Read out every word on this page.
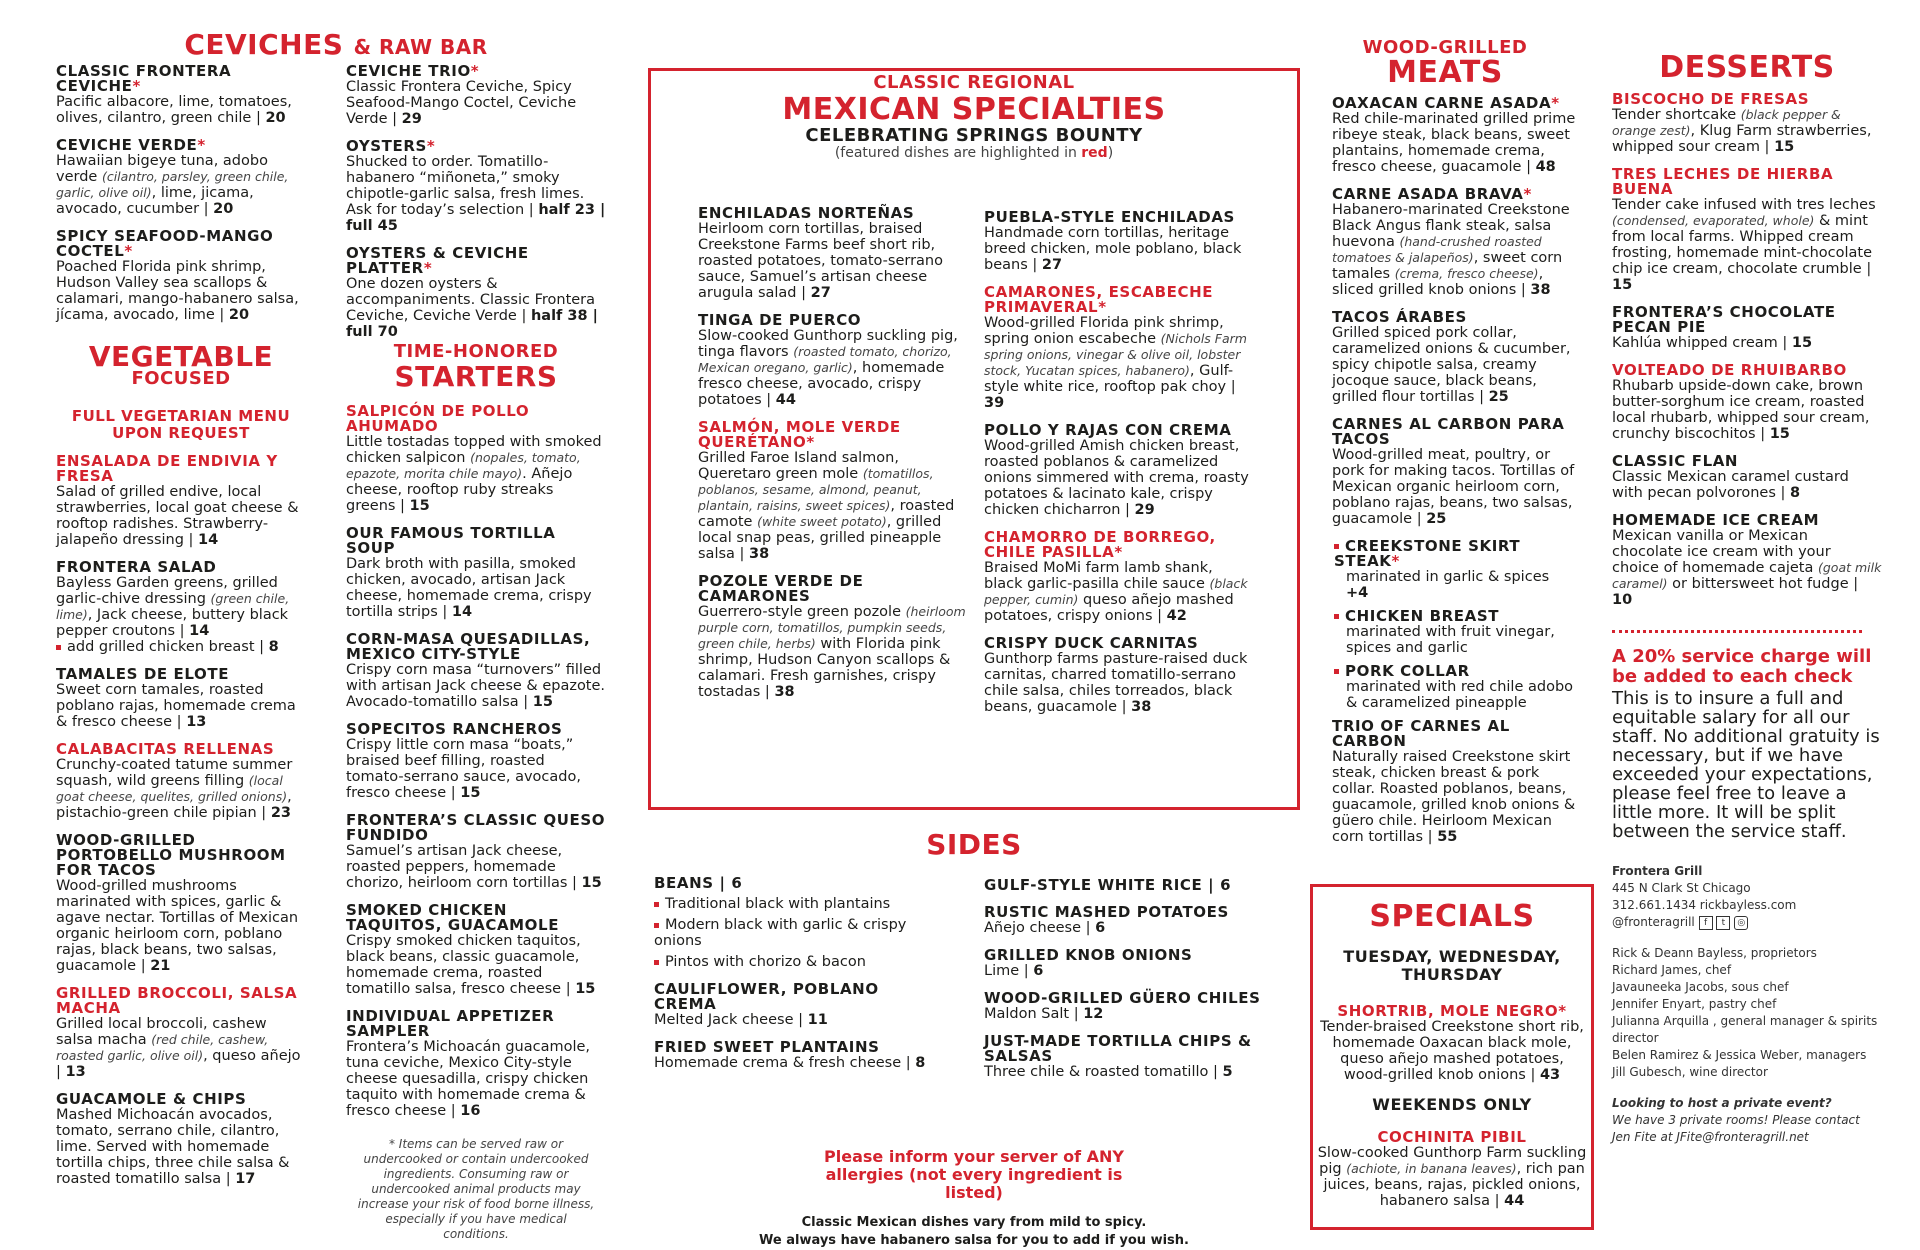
CEVICHES & RAW BAR
CLASSIC FRONTERA CEVICHE*
Pacific albacore, lime, tomatoes, olives, cilantro, green chile | 20
CEVICHE VERDE*
Hawaiian bigeye tuna, adobo verde (cilantro, parsley, green chile, garlic, olive oil), lime, jicama, avocado, cucumber | 20
SPICY SEAFOOD-MANGO COCTEL*
Poached Florida pink shrimp, Hudson Valley sea scallops & calamari, mango-habanero salsa, jícama, avocado, lime | 20
CEVICHE TRIO*
Classic Frontera Ceviche, Spicy Seafood-Mango Coctel, Ceviche Verde | 29
OYSTERS*
Shucked to order. Tomatillo-habanero “miñoneta,” smoky chipotle-garlic salsa, fresh limes. Ask for today’s selection | half 23 | full 45
OYSTERS & CEVICHE PLATTER*
One dozen oysters & accompaniments. Classic Frontera Ceviche, Ceviche Verde | half 38 | full 70
VEGETABLE
FOCUSED
FULL VEGETARIAN MENU UPON REQUEST
ENSALADA DE ENDIVIA Y FRESA
Salad of grilled endive, local strawberries, local goat cheese & rooftop radishes. Strawberry-jalapeño dressing | 14
FRONTERA SALAD
Bayless Garden greens, grilled garlic-chive dressing (green chile, lime), Jack cheese, buttery black pepper croutons | 14
add grilled chicken breast | 8
TAMALES DE ELOTE
Sweet corn tamales, roasted poblano rajas, homemade crema & fresco cheese | 13
CALABACITAS RELLENAS
Crunchy-coated tatume summer squash, wild greens filling (local goat cheese, quelites, grilled onions), pistachio-green chile pipian | 23
WOOD-GRILLED PORTOBELLO MUSHROOM FOR TACOS
Wood-grilled mushrooms marinated with spices, garlic & agave nectar. Tortillas of Mexican organic heirloom corn, poblano rajas, black beans, two salsas, guacamole | 21
GRILLED BROCCOLI, SALSA MACHA
Grilled local broccoli, cashew salsa macha (red chile, cashew, roasted garlic, olive oil), queso añejo | 13
GUACAMOLE & CHIPS
Mashed Michoacán avocados, tomato, serrano chile, cilantro, lime. Served with homemade tortilla chips, three chile salsa & roasted tomatillo salsa | 17
TIME-HONORED
STARTERS
SALPICÓN DE POLLO AHUMADO
Little tostadas topped with smoked chicken salpicon (nopales, tomato, epazote, morita chile mayo). Añejo cheese, rooftop ruby streaks greens | 15
OUR FAMOUS TORTILLA SOUP
Dark broth with pasilla, smoked chicken, avocado, artisan Jack cheese, homemade crema, crispy tortilla strips | 14
CORN-MASA QUESADILLAS, MEXICO CITY-STYLE
Crispy corn masa “turnovers” filled with artisan Jack cheese & epazote. Avocado-tomatillo salsa | 15
SOPECITOS RANCHEROS
Crispy little corn masa “boats,” braised beef filling, roasted tomato-serrano sauce, avocado, fresco cheese | 15
FRONTERA’S CLASSIC QUESO FUNDIDO
Samuel’s artisan Jack cheese, roasted peppers, homemade chorizo, heirloom corn tortillas | 15
SMOKED CHICKEN TAQUITOS, GUACAMOLE
Crispy smoked chicken taquitos, black beans, classic guacamole, homemade crema, roasted tomatillo salsa, fresco cheese | 15
INDIVIDUAL APPETIZER SAMPLER
Frontera’s Michoacán guacamole, tuna ceviche, Mexico City-style cheese quesadilla, crispy chicken taquito with homemade crema & fresco cheese | 16
* Items can be served raw or undercooked or contain undercooked ingredients. Consuming raw or undercooked animal products may increase your risk of food borne illness, especially if you have medical conditions.
CLASSIC REGIONAL
MEXICAN SPECIALTIES
CELEBRATING SPRINGS BOUNTY
(featured dishes are highlighted in red)
ENCHILADAS NORTEÑAS
Heirloom corn tortillas, braised Creekstone Farms beef short rib, roasted potatoes, tomato-serrano sauce, Samuel’s artisan cheese arugula salad | 27
TINGA DE PUERCO
Slow-cooked Gunthorp suckling pig, tinga flavors (roasted tomato, chorizo, Mexican oregano, garlic), homemade fresco cheese, avocado, crispy potatoes | 44
SALMÓN, MOLE VERDE QUERÉTANO*
Grilled Faroe Island salmon, Queretaro green mole (tomatillos, poblanos, sesame, almond, peanut, plantain, raisins, sweet spices), roasted camote (white sweet potato), grilled local snap peas, grilled pineapple salsa | 38
POZOLE VERDE DE CAMARONES
Guerrero-style green pozole (heirloom purple corn, tomatillos, pumpkin seeds, green chile, herbs) with Florida pink shrimp, Hudson Canyon scallops & calamari. Fresh garnishes, crispy tostadas | 38
PUEBLA-STYLE ENCHILADAS
Handmade corn tortillas, heritage breed chicken, mole poblano, black beans | 27
CAMARONES, ESCABECHE PRIMAVERAL*
Wood-grilled Florida pink shrimp, spring onion escabeche (Nichols Farm spring onions, vinegar & olive oil, lobster stock, Yucatan spices, habanero), Gulf-style white rice, rooftop pak choy | 39
POLLO Y RAJAS CON CREMA
Wood-grilled Amish chicken breast, roasted poblanos & caramelized onions simmered with crema, roasty potatoes & lacinato kale, crispy chicken chicharron | 29
CHAMORRO DE BORREGO, CHILE PASILLA*
Braised MoMi farm lamb shank, black garlic-pasilla chile sauce (black pepper, cumin) queso añejo mashed potatoes, crispy onions | 42
CRISPY DUCK CARNITAS
Gunthorp farms pasture-raised duck carnitas, charred tomatillo-serrano chile salsa, chiles torreados, black beans, guacamole | 38
SIDES
BEANS | 6
Traditional black with plantains
Modern black with garlic & crispy onions
Pintos with chorizo & bacon
CAULIFLOWER, POBLANO CREMA
Melted Jack cheese | 11
FRIED SWEET PLANTAINS
Homemade crema & fresh cheese | 8
GULF-STYLE WHITE RICE | 6
RUSTIC MASHED POTATOES
Añejo cheese | 6
GRILLED KNOB ONIONS
Lime | 6
WOOD-GRILLED GÜERO CHILES
Maldon Salt | 12
JUST-MADE TORTILLA CHIPS & SALSAS
Three chile & roasted tomatillo | 5
Please inform your server of ANY allergies (not every ingredient is listed)
Classic Mexican dishes vary from mild to spicy.
We always have habanero salsa for you to add if you wish.
WOOD-GRILLED
MEATS
OAXACAN CARNE ASADA*
Red chile-marinated grilled prime ribeye steak, black beans, sweet plantains, homemade crema, fresco cheese, guacamole | 48
CARNE ASADA BRAVA*
Habanero-marinated Creekstone Black Angus flank steak, salsa huevona (hand-crushed roasted tomatoes & jalapeños), sweet corn tamales (crema, fresco cheese), sliced grilled knob onions | 38
TACOS ÁRABES
Grilled spiced pork collar, caramelized onions & cucumber, spicy chipotle salsa, creamy jocoque sauce, black beans, grilled flour tortillas | 25
CARNES AL CARBON PARA TACOS
Wood-grilled meat, poultry, or pork for making tacos. Tortillas of Mexican organic heirloom corn, poblano rajas, beans, two salsas, guacamole | 25
CREEKSTONE SKIRT STEAK*
marinated in garlic & spices +4
CHICKEN BREAST
marinated with fruit vinegar, spices and garlic
PORK COLLAR
marinated with red chile adobo & caramelized pineapple
TRIO OF CARNES AL CARBON
Naturally raised Creekstone skirt steak, chicken breast & pork collar. Roasted poblanos, beans, guacamole, grilled knob onions & güero chile. Heirloom Mexican corn tortillas | 55
SPECIALS
TUESDAY, WEDNESDAY, THURSDAY
SHORTRIB, MOLE NEGRO*
Tender-braised Creekstone short rib, homemade Oaxacan black mole, queso añejo mashed potatoes, wood-grilled knob onions | 43
WEEKENDS ONLY
COCHINITA PIBIL
Slow-cooked Gunthorp Farm suckling pig (achiote, in banana leaves), rich pan juices, beans, rajas, pickled onions, habanero salsa | 44
DESSERTS
BISCOCHO DE FRESAS
Tender shortcake (black pepper & orange zest), Klug Farm strawberries, whipped sour cream | 15
TRES LECHES DE HIERBA BUENA
Tender cake infused with tres leches (condensed, evaporated, whole) & mint from local farms. Whipped cream frosting, homemade mint-chocolate chip ice cream, chocolate crumble | 15
FRONTERA’S CHOCOLATE PECAN PIE
Kahlúa whipped cream | 15
VOLTEADO DE RHUIBARBO
Rhubarb upside-down cake, brown butter-sorghum ice cream, roasted local rhubarb, whipped sour cream, crunchy biscochitos | 15
CLASSIC FLAN
Classic Mexican caramel custard with pecan polvorones | 8
HOMEMADE ICE CREAM
Mexican vanilla or Mexican chocolate ice cream with your choice of homemade cajeta (goat milk caramel) or bittersweet hot fudge | 10
A 20% service charge will be added to each check
This is to insure a full and equitable salary for all our staff. No additional gratuity is necessary, but if we have exceeded your expectations, please feel free to leave a little more. It will be split between the service staff.
Frontera Grill
445 N Clark St Chicago
312.661.1434 rickbayless.com
@fronteragrill f t ◎
Rick & Deann Bayless, proprietors
Richard James, chef
Javauneeka Jacobs, sous chef
Jennifer Enyart, pastry chef
Julianna Arquilla , general manager & spirits director
Belen Ramirez & Jessica Weber, managers
Jill Gubesch, wine director
Looking to host a private event?
We have 3 private rooms! Please contact Jen Fite at JFite@fronteragrill.net
